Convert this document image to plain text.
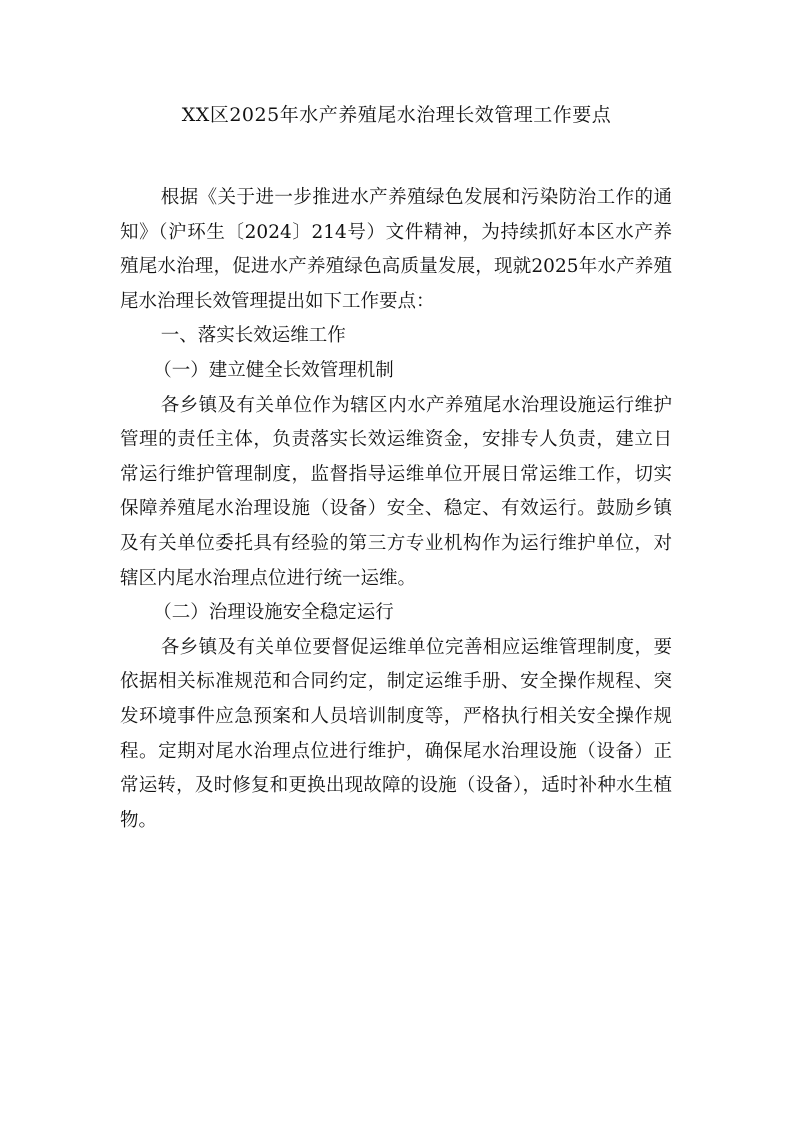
XX区2025年水产养殖尾水治理长效管理工作要点

根据《关于进一步推进水产养殖绿色发展和污染防治工作的通知》（沪环生〔2024〕214号）文件精神，为持续抓好本区水产养殖尾水治理，促进水产养殖绿色高质量发展，现就2025年水产养殖尾水治理长效管理提出如下工作要点：

一、落实长效运维工作

（一）建立健全长效管理机制

各乡镇及有关单位作为辖区内水产养殖尾水治理设施运行维护管理的责任主体，负责落实长效运维资金，安排专人负责，建立日常运行维护管理制度，监督指导运维单位开展日常运维工作，切实保障养殖尾水治理设施（设备）安全、稳定、有效运行。鼓励乡镇及有关单位委托具有经验的第三方专业机构作为运行维护单位，对辖区内尾水治理点位进行统一运维。

（二）治理设施安全稳定运行

各乡镇及有关单位要督促运维单位完善相应运维管理制度，要依据相关标准规范和合同约定，制定运维手册、安全操作规程、突发环境事件应急预案和人员培训制度等，严格执行相关安全操作规程。定期对尾水治理点位进行维护，确保尾水治理设施（设备）正常运转，及时修复和更换出现故障的设施（设备），适时补种水生植物。
